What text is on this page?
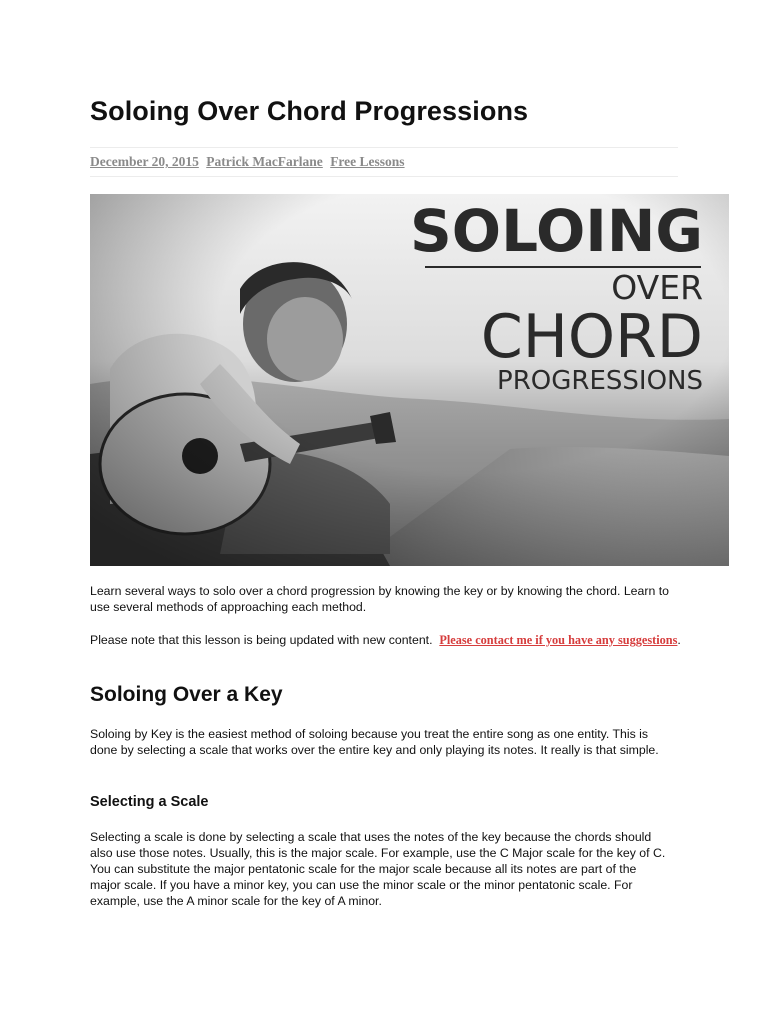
Soloing Over Chord Progressions
December 20, 2015 Patrick MacFarlane Free Lessons
SOLOING
OVER
CHORD
PROGRESSIONS

Learn several ways to solo over a chord progression by knowing the key or by knowing the chord. Learn to use several methods of approaching each method.

Please note that this lesson is being updated with new content. Please contact me if you have any suggestions.

Soloing Over a Key

Soloing by Key is the easiest method of soloing because you treat the entire song as one entity. This is done by selecting a scale that works over the entire key and only playing its notes. It really is that simple.

Selecting a Scale

Selecting a scale is done by selecting a scale that uses the notes of the key because the chords should also use those notes. Usually, this is the major scale. For example, use the C Major scale for the key of C. You can substitute the major pentatonic scale for the major scale because all its notes are part of the major scale. If you have a minor key, you can use the minor scale or the minor pentatonic scale. For example, use the A minor scale for the key of A minor.
